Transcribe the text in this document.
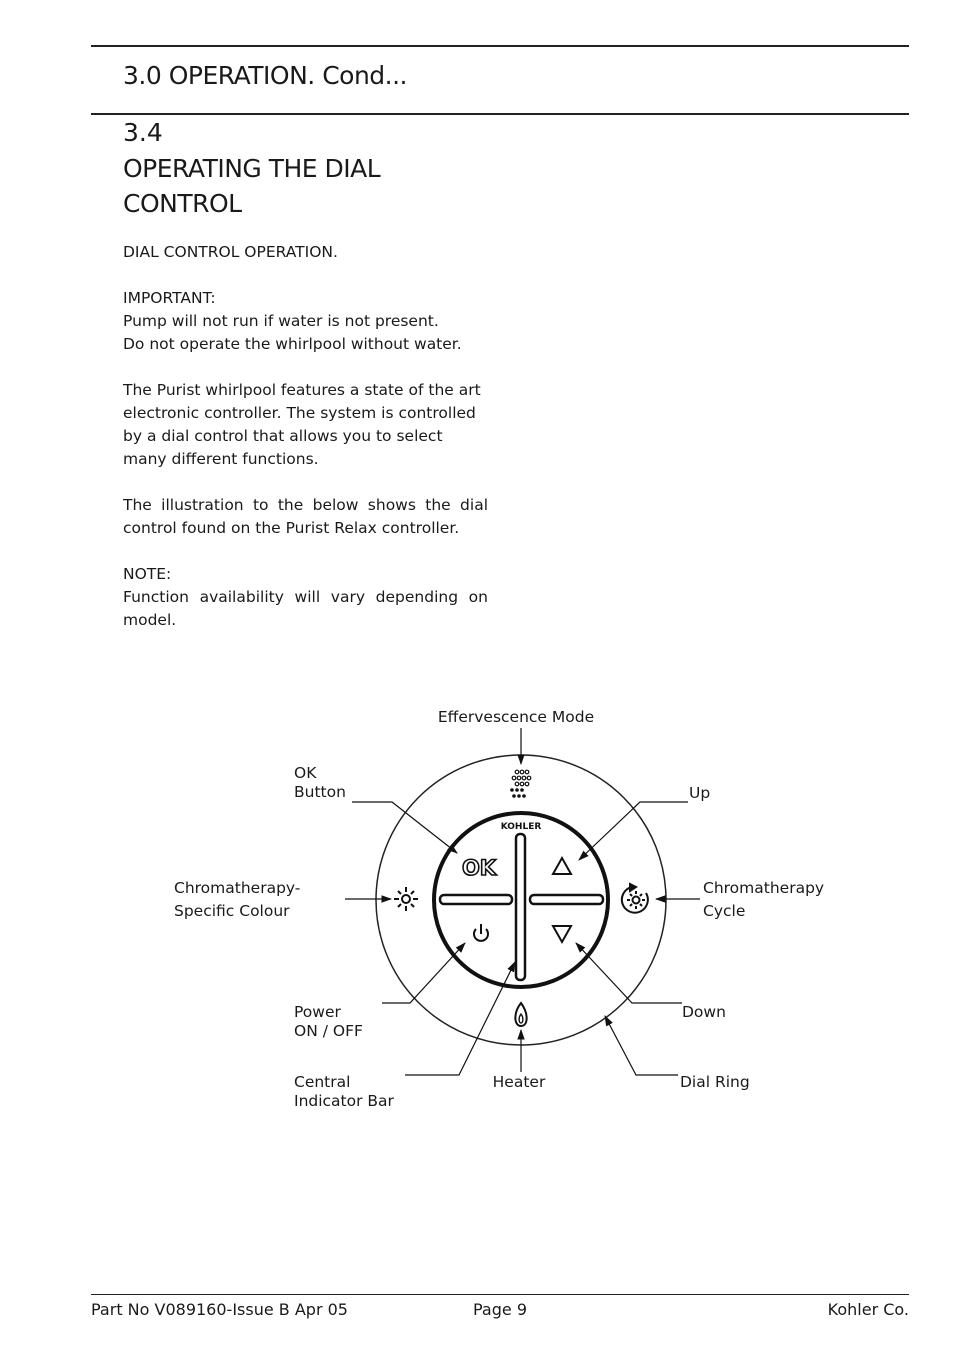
3.0 OPERATION. Cond...
3.4
OPERATING THE DIAL CONTROL

DIAL CONTROL OPERATION.

IMPORTANT:
Pump will not run if water is not present.
Do not operate the whirlpool without water.

The Purist whirlpool features a state of the art electronic controller. The system is controlled by a dial control that allows you to select many different functions.

The illustration to the below shows the dial control found on the Purist Relax controller.

NOTE:
Function availability will vary depending on model.

KOHLER
OK
Effervescence Mode
OK
Button	Up
Chromatherapy-
Specific Colour
Chromatherapy
Cycle
Power
ON / OFF
Down
Central
Indicator Bar
Heater	Dial Ring
Part No V089160-Issue B Apr 05	Page 9	Kohler Co.
